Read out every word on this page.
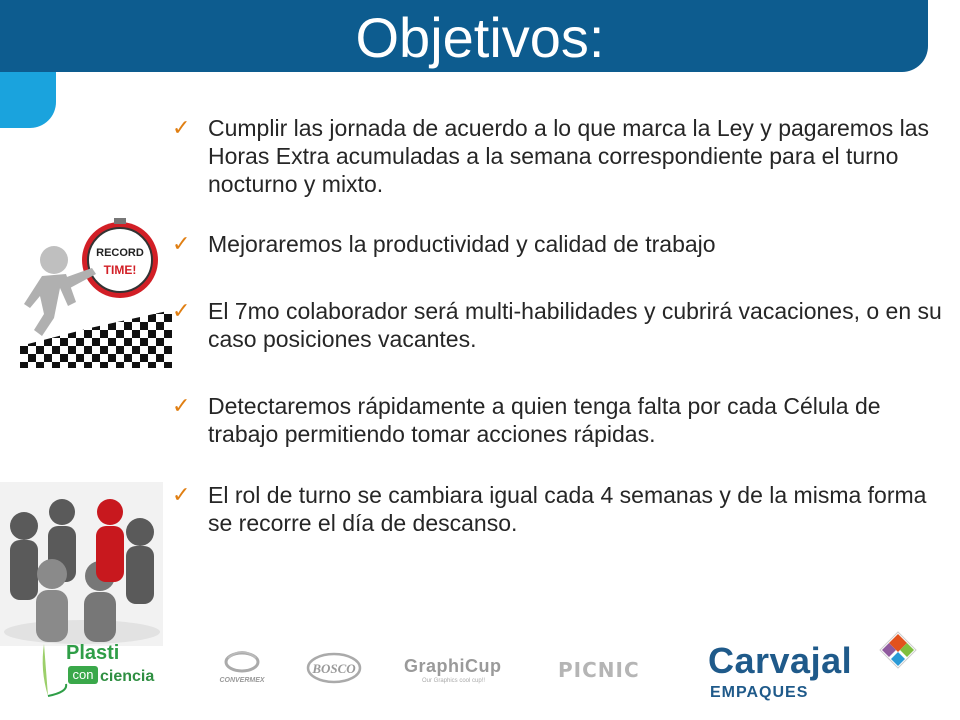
Objetivos:
✓ Cumplir las jornada de acuerdo a lo que marca la Ley y pagaremos las Horas Extra acumuladas a la semana correspondiente para el turno nocturno y mixto.
✓ Mejoraremos la productividad y calidad de trabajo
✓ El 7mo colaborador será multi-habilidades y cubrirá vacaciones, o en su caso posiciones vacantes.
✓ Detectaremos rápidamente a quien tenga falta por cada Célula de trabajo permitiendo tomar acciones rápidas.
✓ El rol de turno se cambiara igual cada 4 semanas y de la misma forma se recorre el día de descanso.
RECORD
TIME!
Plasti
con ciencia	CONVERMEX
BOSCO	GraphiCup
Our Graphics cool cup!!	PICNIC Carvajal
EMPAQUES
